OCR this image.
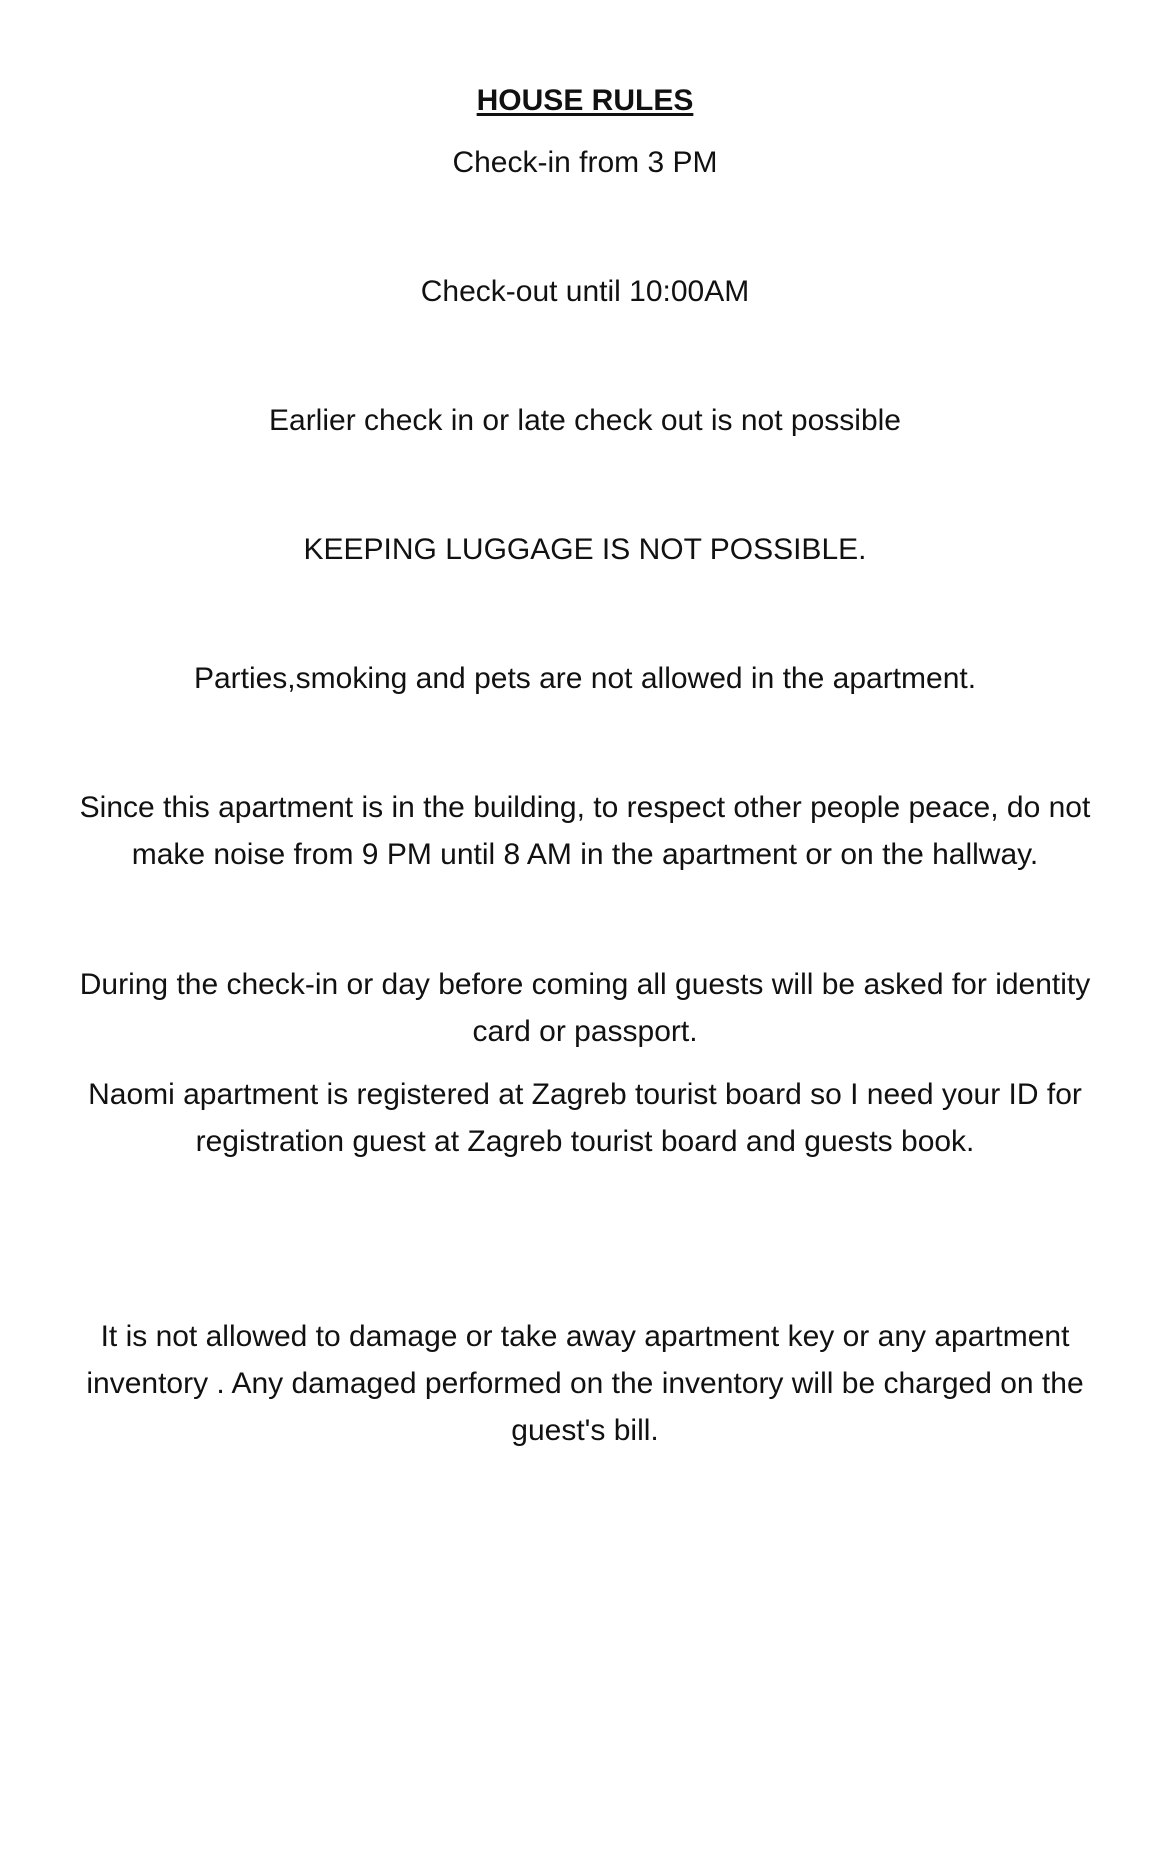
HOUSE RULES
Check-in from 3 PM
Check-out until 10:00AM
Earlier check in or late check out is not possible
KEEPING LUGGAGE IS NOT POSSIBLE.
Parties,smoking and pets are not allowed in the apartment.
Since this apartment is in the building, to respect other people peace, do not
make noise from 9 PM until 8 AM in the apartment or on the hallway.
During the check-in or day before coming all guests will be asked for identity
card or passport.
Naomi apartment is registered at Zagreb tourist board so I need your ID for
registration guest at Zagreb tourist board and guests book.
It is not allowed to damage or take away apartment key or any apartment
inventory . Any damaged performed on the inventory will be charged on the
guest's bill.
